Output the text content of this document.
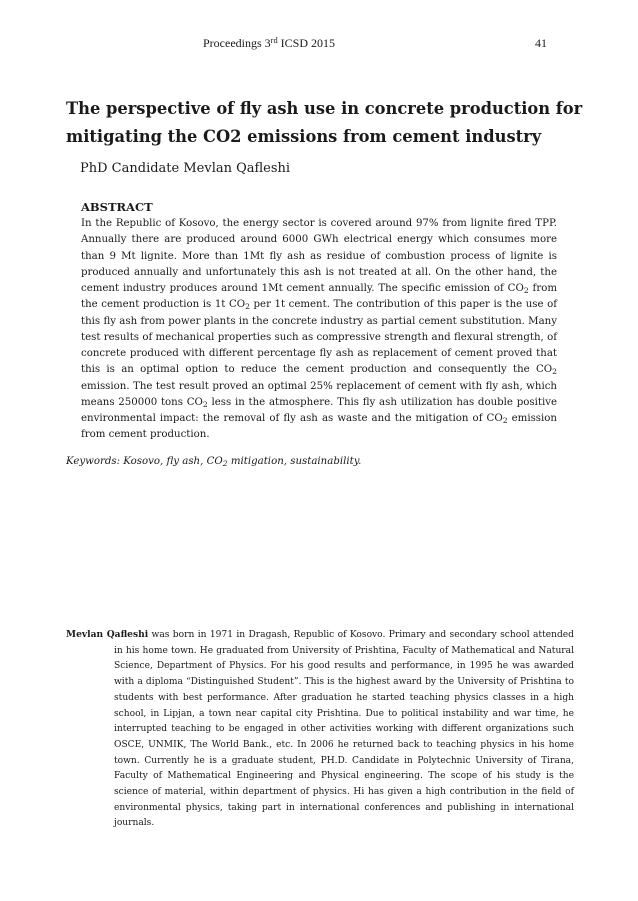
Proceedings 3rd ICSD 2015	41
The perspective of fly ash use in concrete production for mitigating the CO2 emissions from cement industry
PhD Candidate Mevlan Qafleshi
ABSTRACT

In the Republic of Kosovo, the energy sector is covered around 97% from lignite fired TPP. Annually there are produced around 6000 GWh electrical energy which consumes more than 9 Mt lignite. More than 1Mt fly ash as residue of combustion process of lignite is produced annually and unfortunately this ash is not treated at all. On the other hand, the cement industry produces around 1Mt cement annually. The specific emission of $CO_2$ from the cement production is 1t $CO_2$ per 1t cement. The contribution of this paper is the use of this fly ash from power plants in the concrete industry as partial cement substitution. Many test results of mechanical properties such as compressive strength and flexural strength, of concrete produced with different percentage fly ash as replacement of cement proved that this is an optimal option to reduce the cement production and consequently the $CO_2$ emission. The test result proved an optimal 25% replacement of cement with fly ash, which means 250000 tons $CO_2$ less in the atmosphere. This fly ash utilization has double positive environmental impact: the removal of fly ash as waste and the mitigation of $CO_2$ emission from cement production.

Keywords: Kosovo, fly ash, $CO_2$ mitigation, sustainability.
Mevlan Qafleshi was born in 1971 in Dragash, Republic of Kosovo. Primary and secondary school attended in his home town. He graduated from University of Prishtina, Faculty of Mathematical and Natural Science, Department of Physics. For his good results and performance, in 1995 he was awarded with a diploma “Distinguished Student”. This is the highest award by the University of Prishtina to students with best performance. After graduation he started teaching physics classes in a high school, in Lipjan, a town near capital city Prishtina. Due to political instability and war time, he interrupted teaching to be engaged in other activities working with different organizations such OSCE, UNMIK, The World Bank., etc. In 2006 he returned back to teaching physics in his home town. Currently he is a graduate student, PH.D. Candidate in Polytechnic University of Tirana, Faculty of Mathematical Engineering and Physical engineering. The scope of his study is the science of material, within department of physics. Hi has given a high contribution in the field of environmental physics, taking part in international conferences and publishing in international journals.
